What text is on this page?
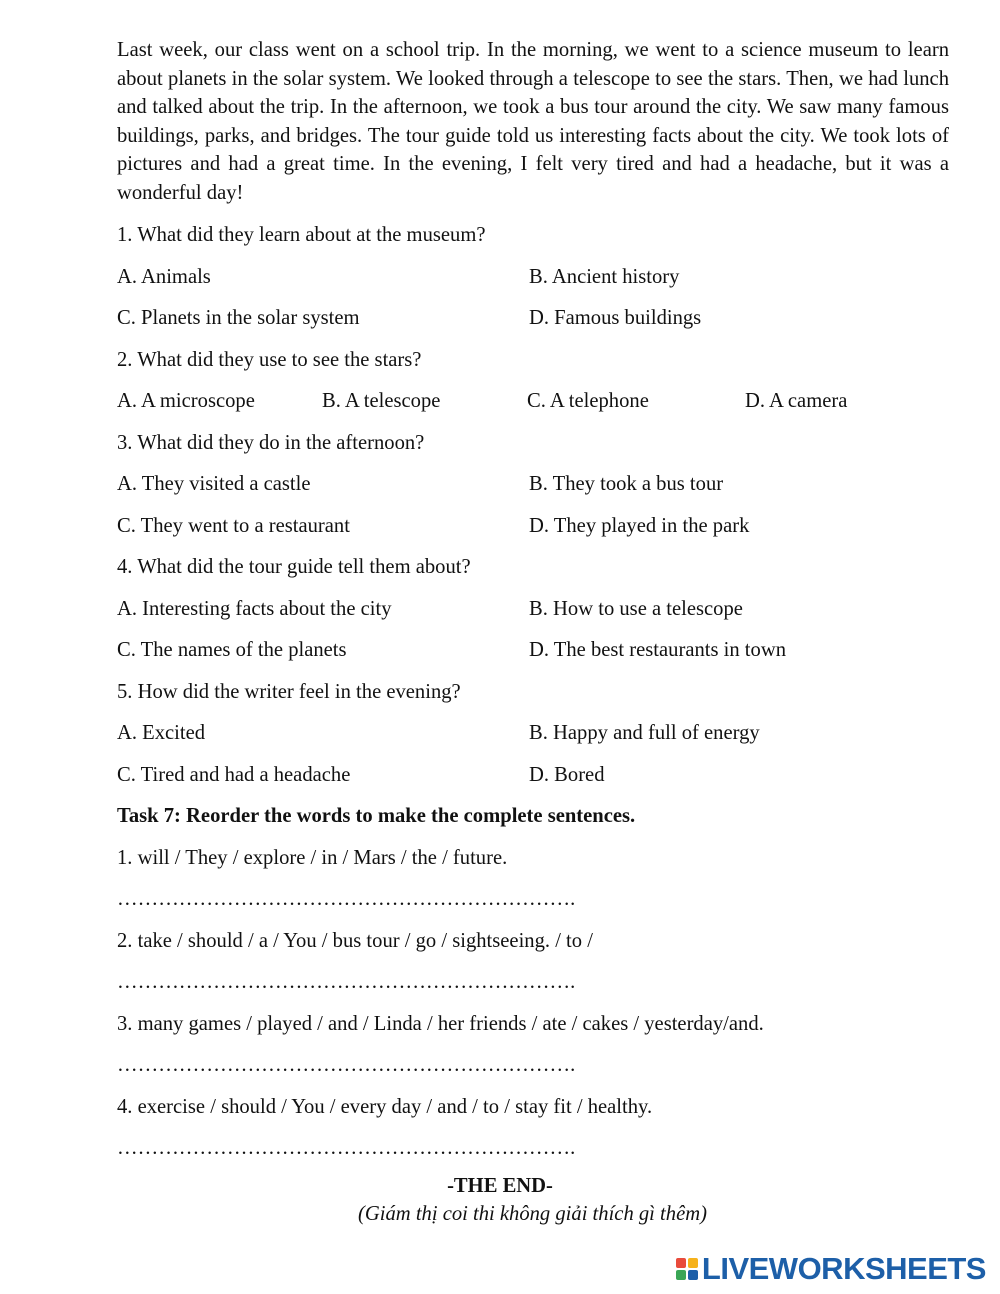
Last week, our class went on a school trip. In the morning, we went to a science museum to learn about planets in the solar system. We looked through a telescope to see the stars. Then, we had lunch and talked about the trip. In the afternoon, we took a bus tour around the city. We saw many famous buildings, parks, and bridges. The tour guide told us interesting facts about the city. We took lots of pictures and had a great time. In the evening, I felt very tired and had a headache, but it was a wonderful day!

1. What did they learn about at the museum?
A. Animals	B. Ancient history
C. Planets in the solar system	D. Famous buildings
2. What did they use to see the stars?
A. A microscope	B. A telescope	C. A telephone	D. A camera
3. What did they do in the afternoon?
A. They visited a castle	B. They took a bus tour
C. They went to a restaurant	D. They played in the park
4. What did the tour guide tell them about?
A. Interesting facts about the city	B. How to use a telescope
C. The names of the planets	D. The best restaurants in town
5. How did the writer feel in the evening?
A. Excited	B. Happy and full of energy
C. Tired and had a headache	D. Bored
Task 7: Reorder the words to make the complete sentences.
1. will / They / explore / in / Mars / the / future.
………………………………………………………….
2. take / should / a / You / bus tour / go / sightseeing. / to /
………………………………………………………….
3. many games / played / and / Linda / her friends / ate / cakes / yesterday/and.
………………………………………………………….
4. exercise / should / You / every day / and / to / stay fit / healthy.
………………………………………………………….
-THE END-
(Giám thị coi thi không giải thích gì thêm)
LIVEWORKSHEETS
